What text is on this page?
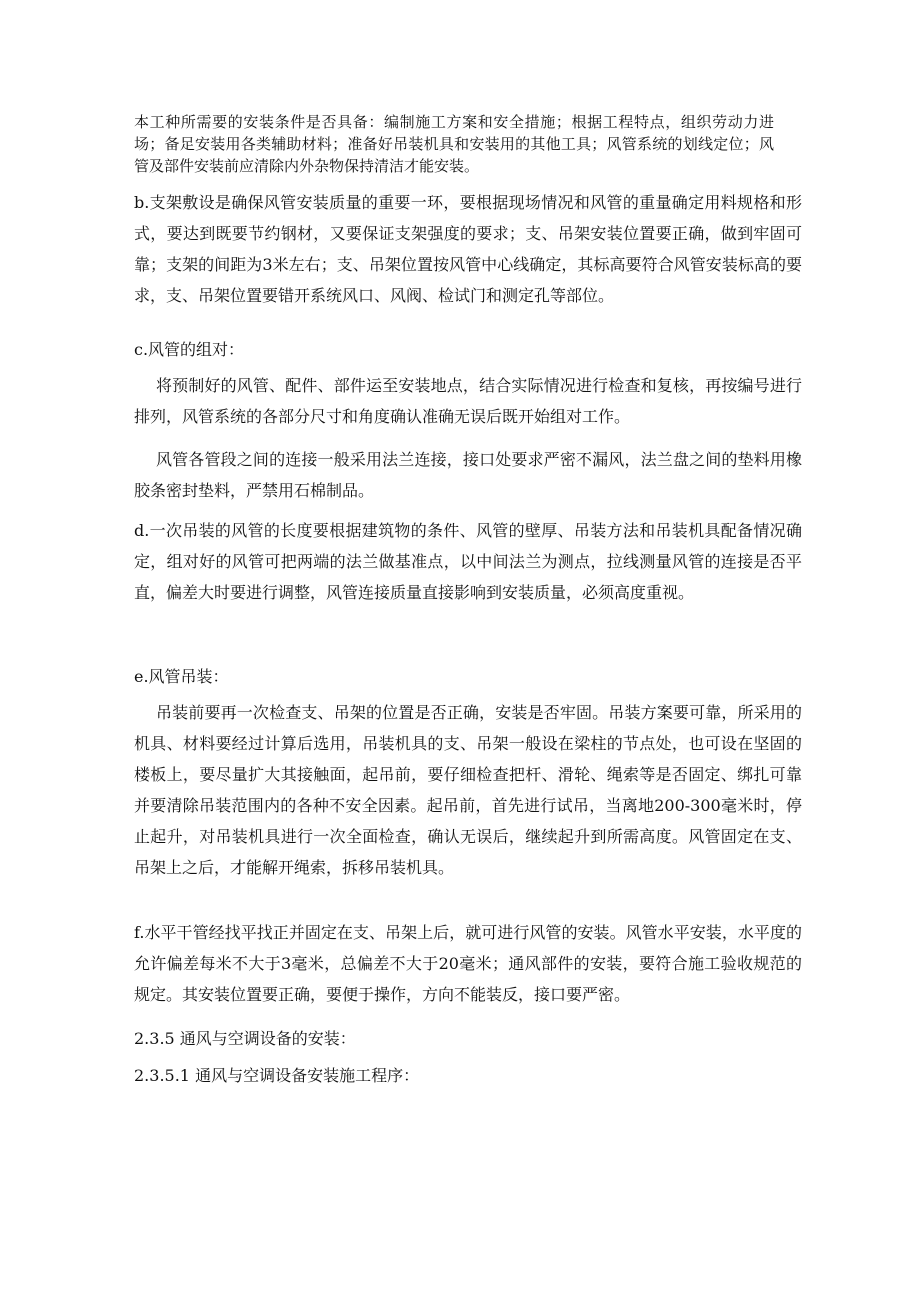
本工种所需要的安装条件是否具备：编制施工方案和安全措施；根据工程特点，组织劳动力进场；备足安装用各类辅助材料；准备好吊装机具和安装用的其他工具；风管系统的划线定位；风管及部件安装前应清除内外杂物保持清洁才能安装。

b.支架敷设是确保风管安装质量的重要一环，要根据现场情况和风管的重量确定用料规格和形式，要达到既要节约钢材，又要保证支架强度的要求；支、吊架安装位置要正确，做到牢固可靠；支架的间距为3米左右；支、吊架位置按风管中心线确定，其标高要符合风管安装标高的要求，支、吊架位置要错开系统风口、风阀、检试门和测定孔等部位。

c.风管的组对：

将预制好的风管、配件、部件运至安装地点，结合实际情况进行检查和复核，再按编号进行排列，风管系统的各部分尺寸和角度确认准确无误后既开始组对工作。

风管各管段之间的连接一般采用法兰连接，接口处要求严密不漏风，法兰盘之间的垫料用橡胶条密封垫料，严禁用石棉制品。

d.一次吊装的风管的长度要根据建筑物的条件、风管的壁厚、吊装方法和吊装机具配备情况确定，组对好的风管可把两端的法兰做基准点，以中间法兰为测点，拉线测量风管的连接是否平直，偏差大时要进行调整，风管连接质量直接影响到安装质量，必须高度重视。

e.风管吊装：

吊装前要再一次检查支、吊架的位置是否正确，安装是否牢固。吊装方案要可靠，所采用的机具、材料要经过计算后选用，吊装机具的支、吊架一般设在梁柱的节点处，也可设在坚固的楼板上，要尽量扩大其接触面，起吊前，要仔细检查把杆、滑轮、绳索等是否固定、绑扎可靠并要清除吊装范围内的各种不安全因素。起吊前，首先进行试吊，当离地200-300毫米时，停止起升，对吊装机具进行一次全面检查，确认无误后，继续起升到所需高度。风管固定在支、吊架上之后，才能解开绳索，拆移吊装机具。

f.水平干管经找平找正并固定在支、吊架上后，就可进行风管的安装。风管水平安装，水平度的允许偏差每米不大于3毫米，总偏差不大于20毫米；通风部件的安装，要符合施工验收规范的规定。其安装位置要正确，要便于操作，方向不能装反，接口要严密。

2.3.5 通风与空调设备的安装：

2.3.5.1 通风与空调设备安装施工程序：
